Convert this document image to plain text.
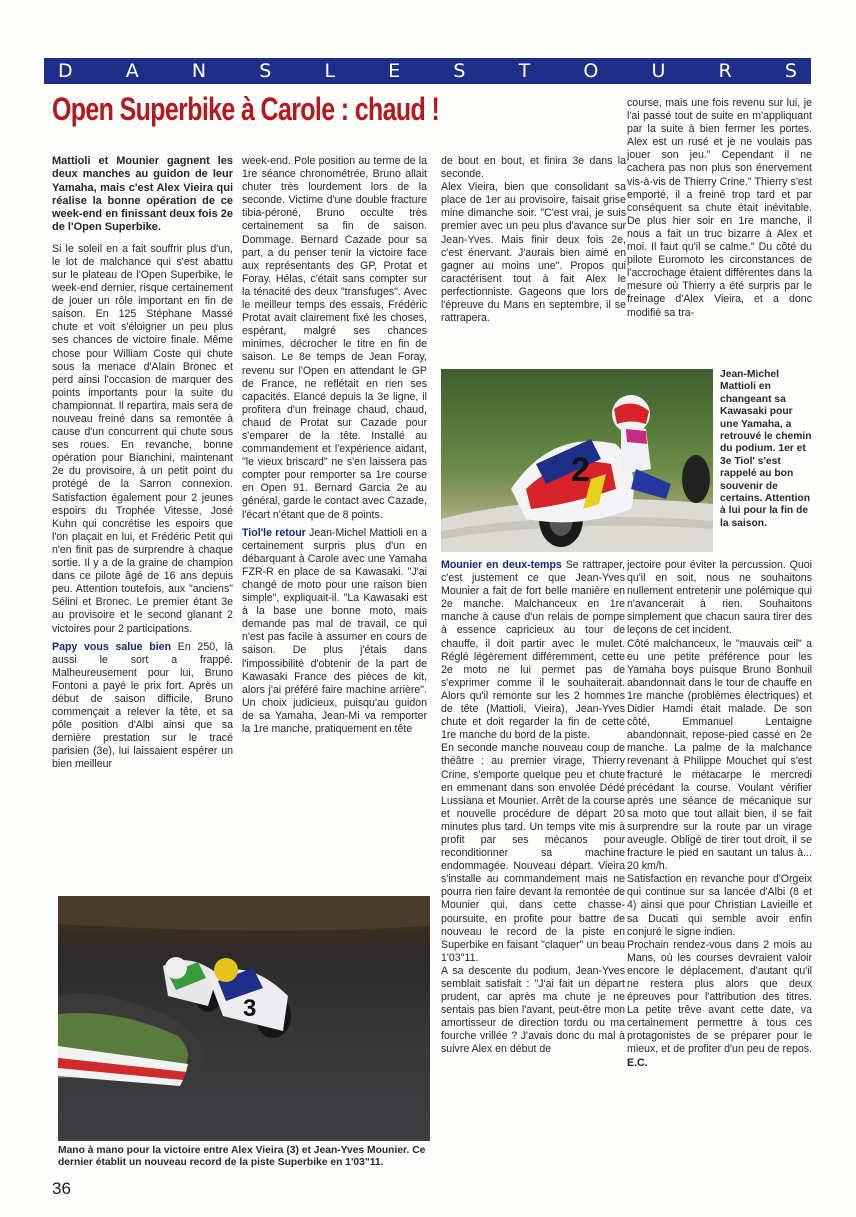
D	A	N	S	L	E	S	T	O	U	R	S
Open Superbike à Carole : chaud !

Mattioli et Mounier gagnent les deux manches au guidon de leur Yamaha, mais c'est Alex Vieira qui réalise la bonne opération de ce week-end en finissant deux fois 2e de l'Open Superbike.

Si le soleil en a fait souffrir plus d'un, le lot de malchance qui s'est abattu sur le plateau de l'Open Superbike, le week-end dernier, risque certainement de jouer un rôle important en fin de saison. En 125 Stéphane Massé chute et voit s'éloigner un peu plus ses chances de victoire finale. Même chose pour William Coste qui chute sous la menace d'Alain Bronec et perd ainsi l'occasion de marquer des points importants pour la suite du championnat. Il repartira, mais sera de nouveau freiné dans sa remontée à cause d'un concurrent qui chute sous ses roues. En revanche, bonne opération pour Bianchini, maintenant 2e du provisoire, à un petit point du protégé de la Sarron connexion. Satisfaction également pour 2 jeunes espoirs du Trophée Vitesse, José Kuhn qui concrétise les espoirs que l'on plaçait en lui, et Frédéric Petit qui n'en finit pas de surprendre à chaque sortie. Il y a de la graine de champion dans ce pilote âgé de 16 ans depuis peu. Attention toutefois, aux "anciens" Sélini et Bronec. Le premier étant 3e au provisoire et le second glanant 2 victoires pour 2 participations.

Papy vous salue bien En 250, là aussi le sort a frappé. Malheureusement pour lui, Bruno Fontoni a payé le prix fort. Après un début de saison difficile, Bruno commençait a relever la tête, et sa pôle position d'Albi ainsi que sa dernière prestation sur le tracé parisien (3e), lui laissaient espérer un bien meilleur

week-end. Pole position au terme de la 1re séance chronométrée, Bruno allait chuter très lourdement lors de la seconde. Victime d'une double fracture tibia-péroné, Bruno occulte très certainement sa fin de saison. Dommage. Bernard Cazade pour sa part, a du penser tenir la victoire face aux représentants des GP, Protat et Foray. Hélas, c'était sans compter sur la ténacité des deux "transfuges". Avec le meilleur temps des essais, Frédéric Protat avait clairement fixé les choses, espérant, malgré ses chances minimes, décrocher le titre en fin de saison. Le 8e temps de Jean Foray, revenu sur l'Open en attendant le GP de France, ne reflétait en rien ses capacités. Elancé depuis la 3e ligne, il profitera d'un freinage chaud, chaud, chaud de Protat sur Cazade pour s'emparer de la tête. Installé au commandement et l'expérience aidant, "le vieux briscard" ne s'en laissera pas compter pour remporter sa 1re course en Open 91. Bernard Garcia 2e au général, garde le contact avec Cazade, l'écart n'étant que de 8 points.

Tiol'le retour Jean-Michel Mattioli en a certainement surpris plus d'un en débarquant à Carole avec une Yamaha FZR-R en place de sa Kawasaki. "J'ai changé de moto pour une raison bien simple", expliquait-il. "La Kawasaki est à la base une bonne moto, mais demande pas mal de travail, ce qui n'est pas facile à assumer en cours de saison. De plus j'étais dans l'impossibilité d'obtenir de la part de Kawasaki France des pièces de kit, alors j'ai préféré faire machine arrière". Un choix judicieux, puisqu'au guidon de sa Yamaha, Jean-Mi va remporter la 1re manche, pratiquement en tête

de bout en bout, et finira 3e dans la seconde.

Alex Vieira, bien que consolidant sa place de 1er au provisoire, faisait grise mine dimanche soir. "C'est vrai, je suis premier avec un peu plus d'avance sur Jean-Yves. Mais finir deux fois 2e, c'est énervant. J'aurais bien aimé en gagner au moins une". Propos qui caractérisent tout à fait Alex le perfectionniste. Gageons que lors de l'épreuve du Mans en septembre, il se rattrapera.

course, mais une fois revenu sur lui, je l'ai passé tout de suite en m'appliquant par la suite à bien fermer les portes. Alex est un rusé et je ne voulais pas jouer son jeu." Cependant il ne cachera pas non plus son énervement vis-à-vis de Thierry Crine." Thierry s'est emporté, il a freiné trop tard et par conséquent sa chute était inévitable. De plus hier soir en 1re manche, il nous a fait un truc bizarre à Alex et moi. Il faut qu'il se calme." Du côté du pilote Euromoto les circonstances de l'accrochage étaient différentes dans la mesure où Thierry a été surpris par le freinage d'Alex Vieira, et a donc modifié sa tra-

2
Jean-Michel Mattioli en changeant sa Kawasaki pour une Yamaha, a retrouvé le chemin du podium. 1er et 3e Tiol' s'est rappelé au bon souvenir de certains. Attention à lui pour la fin de la saison.

Mounier en deux-temps Se rattraper, c'est justement ce que Jean-Yves Mounier a fait de fort belle manière en 2e manche. Malchanceux en 1re manche à cause d'un relais de pompe à essence capricieux au tour de chauffe, il doit partir avec le mulet. Réglé légèrement différemment, cette 2e moto ne lui permet pas de s'exprimer comme il le souhaiterait. Alors qu'il remonte sur les 2 hommes de tête (Mattioli, Vieira), Jean-Yves chute et doit regarder la fin de cette 1re manche du bord de la piste.

En seconde manche nouveau coup de théâtre : au premier virage, Thierry Crine, s'emporte quelque peu et chute en emmenant dans son envolée Dédé Lussiana et Mounier. Arrêt de la course et nouvelle procédure de départ 20 minutes plus tard. Un temps vite mis à profit par ses mécanos pour reconditionner sa machine endommagée. Nouveau départ. Vieira s'installe au commandement mais ne pourra rien faire devant la remontée de Mounier qui, dans cette chasse-poursuite, en profite pour battre de nouveau le record de la piste en Superbike en faisant "claquer" un beau 1'03"11.

A sa descente du podium, Jean-Yves semblait satisfait : "J'ai fait un départ prudent, car après ma chute je ne sentais pas bien l'avant, peut-être mon amortisseur de direction tordu ou ma fourche vrillée ? J'avais donc du mal à suivre Alex en début de

jectoire pour éviter la percussion. Quoi qu'il en soit, nous ne souhaitons nullement entretenir une polémique qui n'avancerait à rien. Souhaitons simplement que chacun saura tirer des leçons de cet incident.

Côté malchanceux, le "mauvais œil" a eu une petite préférence pour les Yamaha boys puisque Bruno Bonhuil abandonnait dans le tour de chauffe en 1re manche (problèmes électriques) et Didier Hamdi était malade. De son côté, Emmanuel Lentaigne abandonnait, repose-pied cassé en 2e manche. La palme de la malchance revenant à Philippe Mouchet qui s'est fracturé le métacarpe le mercredi précédant la course. Voulant vérifier après une séance de mécanique sur sa moto que tout allait bien, il se fait surprendre sur la route par un virage aveugle. Obligé de tirer tout droit, il se fracture le pied en sautant un talus à... 20 km/h.

Satisfaction en revanche pour d'Orgeix qui continue sur sa lancée d'Albi (8 et 4) ainsi que pour Christian Lavieille et sa Ducati qui semble avoir enfin conjuré le signe indien.

Prochain rendez-vous dans 2 mois au Mans, où les courses devraient valoir encore le déplacement, d'autant qu'il ne restera plus alors que deux épreuves pour l'attribution des titres. La petite trêve avant cette date, va certainement permettre à tous ces protagonistes de se préparer pour le mieux, et de profiter d'un peu de repos. E.C.

3
Mano à mano pour la victoire entre Alex Vieira (3) et Jean-Yves Mounier. Ce dernier établit un nouveau record de la piste Superbike en 1'03"11.
36
